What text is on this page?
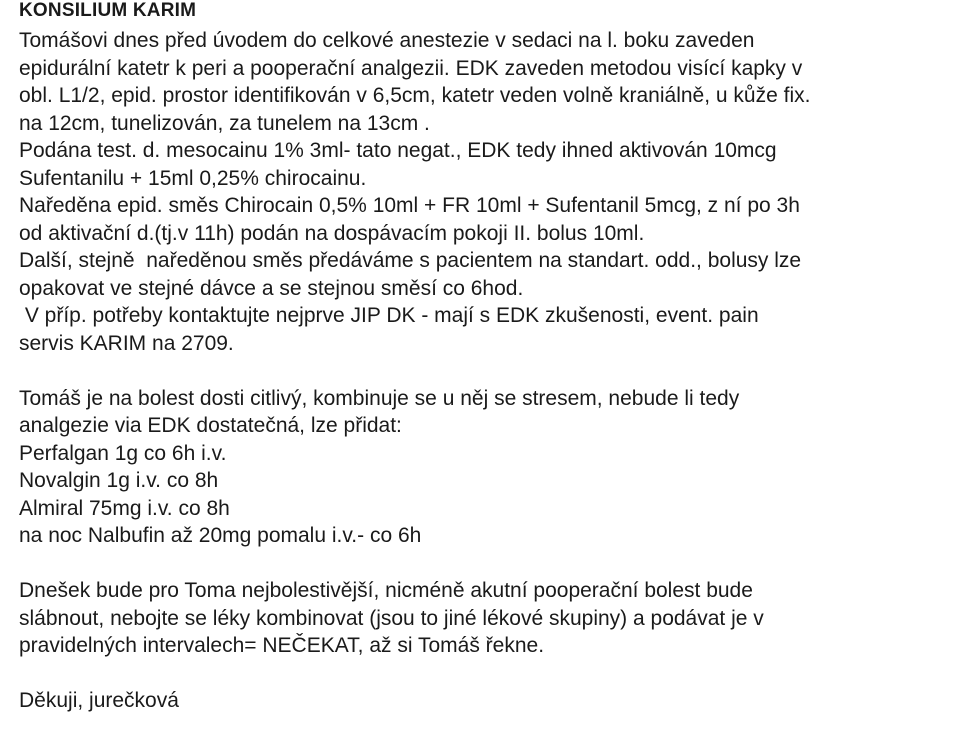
KONSILIUM KARIM
Tomášovi dnes před úvodem do celkové anestezie v sedaci na l. boku zaveden
epidurální katetr k peri a pooperační analgezii. EDK zaveden metodou visící kapky v
obl. L1/2, epid. prostor identifikován v 6,5cm, katetr veden volně kraniálně, u kůže fix.
na 12cm, tunelizován, za tunelem na 13cm .
Podána test. d. mesocainu 1% 3ml- tato negat., EDK tedy ihned aktivován 10mcg
Sufentanilu + 15ml 0,25% chirocainu.
Naředěna epid. směs Chirocain 0,5% 10ml + FR 10ml + Sufentanil 5mcg, z ní po 3h
od aktivační d.(tj.v 11h) podán na dospávacím pokoji II. bolus 10ml.
Další, stejně  naředěnou směs předáváme s pacientem na standart. odd., bolusy lze
opakovat ve stejné dávce a se stejnou směsí co 6hod.
V příp. potřeby kontaktujte nejprve JIP DK - mají s EDK zkušenosti, event. pain
servis KARIM na 2709.
Tomáš je na bolest dosti citlivý, kombinuje se u něj se stresem, nebude li tedy
analgezie via EDK dostatečná, lze přidat:
Perfalgan 1g co 6h i.v.
Novalgin 1g i.v. co 8h
Almiral 75mg i.v. co 8h
na noc Nalbufin až 20mg pomalu i.v.- co 6h
Dnešek bude pro Toma nejbolestivější, nicméně akutní pooperační bolest bude
slábnout, nebojte se léky kombinovat (jsou to jiné lékové skupiny) a podávat je v
pravidelných intervalech= NEČEKAT, až si Tomáš řekne.
Děkuji, jurečková
